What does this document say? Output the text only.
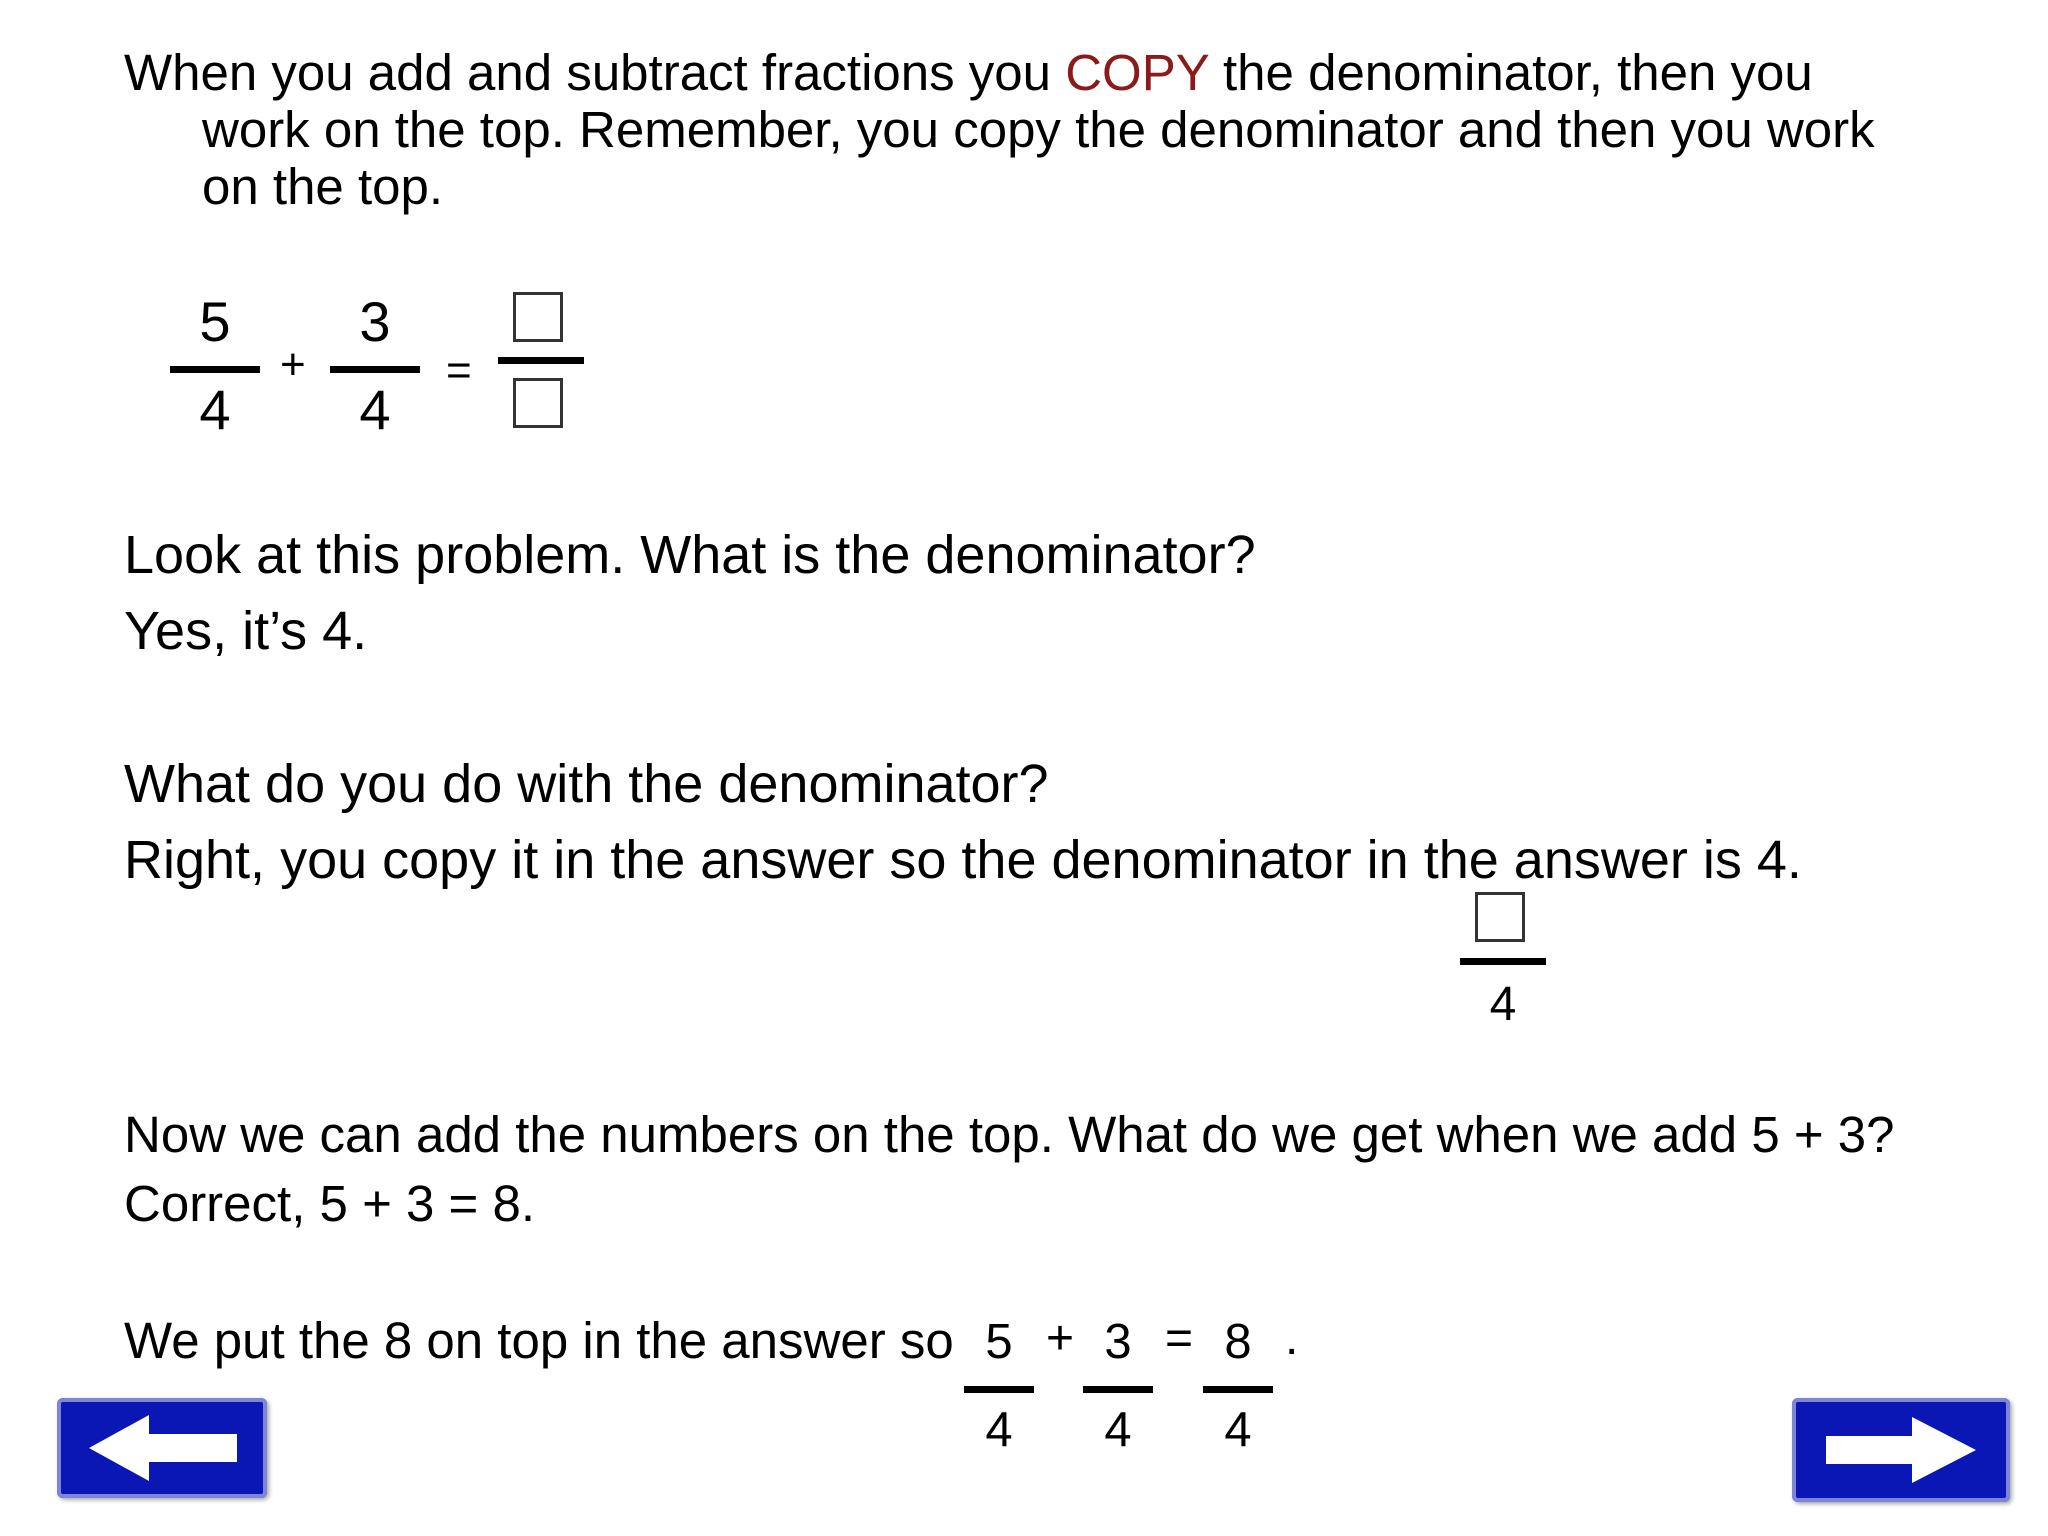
When you add and subtract fractions you COPY the denominator, then you work on the top. Remember, you copy the denominator and then you work on the top.

5
4
+
3
4
=
Look at this problem. What is the denominator?
Yes, it’s 4.
What do you do with the denominator?
Right, you copy it in the answer so the denominator in the answer is 4.
4
Now we can add the numbers on the top. What do we get when we add 5 + 3?
Correct, 5 + 3 = 8.
We put the 8 on top in the answer so 5
4
+ 3
4
= 8
4
.
